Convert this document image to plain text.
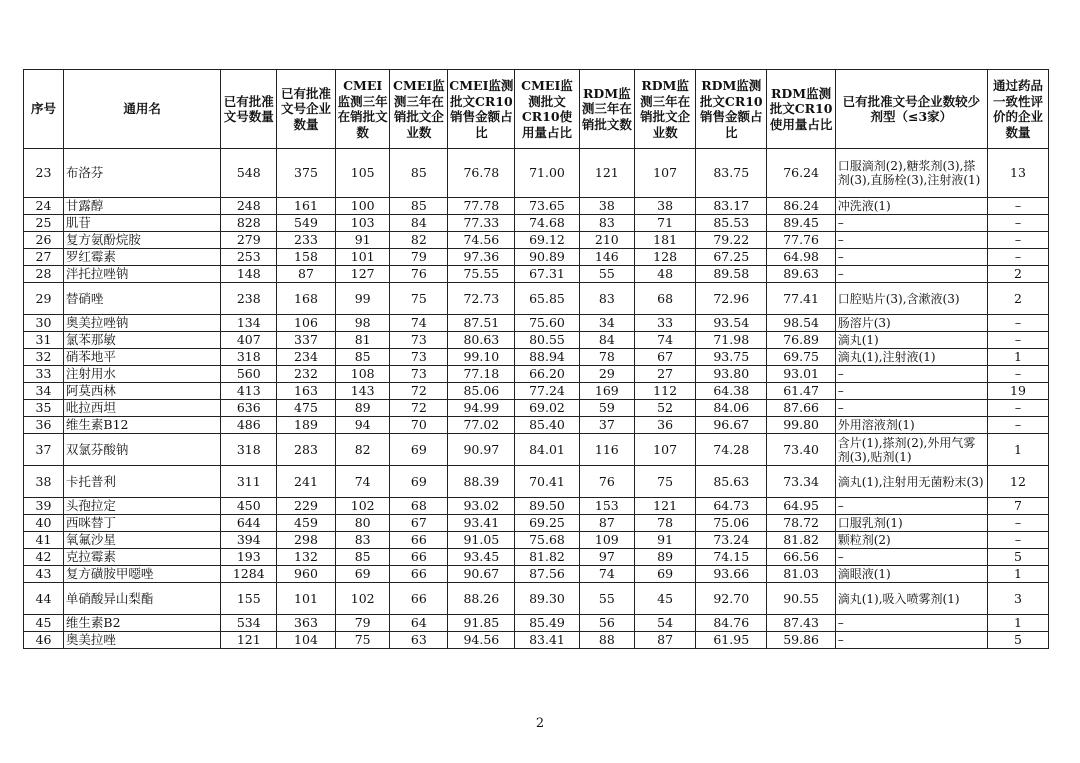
序号	通用名	已有批准文号数量	已有批准文号企业数量	CMEI监测三年在销批文数	CMEI监测三年在销批文企业数	CMEI监测批文CR10销售金额占比	CMEI监测批文CR10使用量占比	RDM监测三年在销批文数	RDM监测三年在销批文企业数	RDM监测批文CR10销售金额占比	RDM监测批文CR10使用量占比	已有批准文号企业数较少剂型（≤3家）	通过药品一致性评价的企业数量
23	布洛芬	548	375	105	85	76.78	71.00	121	107	83.75	76.24	口服滴剂(2),糖浆剂(3),搽剂(3),直肠栓(3),注射液(1)	13
24	甘露醇	248	161	100	85	77.78	73.65	38	38	83.17	86.24	冲洗液(1)	–
25	肌苷	828	549	103	84	77.33	74.68	83	71	85.53	89.45	–	–
26	复方氨酚烷胺	279	233	91	82	74.56	69.12	210	181	79.22	77.76	–	–
27	罗红霉素	253	158	101	79	97.36	90.89	146	128	67.25	64.98	–	–
28	泮托拉唑钠	148	87	127	76	75.55	67.31	55	48	89.58	89.63	–	2
29	替硝唑	238	168	99	75	72.73	65.85	83	68	72.96	77.41	口腔贴片(3),含漱液(3)	2
30	奥美拉唑钠	134	106	98	74	87.51	75.60	34	33	93.54	98.54	肠溶片(3)	–
31	氯苯那敏	407	337	81	73	80.63	80.55	84	74	71.98	76.89	滴丸(1)	–
32	硝苯地平	318	234	85	73	99.10	88.94	78	67	93.75	69.75	滴丸(1),注射液(1)	1
33	注射用水	560	232	108	73	77.18	66.20	29	27	93.80	93.01	–	–
34	阿莫西林	413	163	143	72	85.06	77.24	169	112	64.38	61.47	–	19
35	吡拉西坦	636	475	89	72	94.99	69.02	59	52	84.06	87.66	–	–
36	维生素B12	486	189	94	70	77.02	85.40	37	36	96.67	99.80	外用溶液剂(1)	–
37	双氯芬酸钠	318	283	82	69	90.97	84.01	116	107	74.28	73.40	含片(1),搽剂(2),外用气雾剂(3),贴剂(1)	1
38	卡托普利	311	241	74	69	88.39	70.41	76	75	85.63	73.34	滴丸(1),注射用无菌粉末(3)	12
39	头孢拉定	450	229	102	68	93.02	89.50	153	121	64.73	64.95	–	7
40	西咪替丁	644	459	80	67	93.41	69.25	87	78	75.06	78.72	口服乳剂(1)	–
41	氧氟沙星	394	298	83	66	91.05	75.68	109	91	73.24	81.82	颗粒剂(2)	–
42	克拉霉素	193	132	85	66	93.45	81.82	97	89	74.15	66.56	–	5
43	复方磺胺甲噁唑	1284	960	69	66	90.67	87.56	74	69	93.66	81.03	滴眼液(1)	1
44	单硝酸异山梨酯	155	101	102	66	88.26	89.30	55	45	92.70	90.55	滴丸(1),吸入喷雾剂(1)	3
45	维生素B2	534	363	79	64	91.85	85.49	56	54	84.76	87.43	–	1
46	奥美拉唑	121	104	75	63	94.56	83.41	88	87	61.95	59.86	–	5
2
